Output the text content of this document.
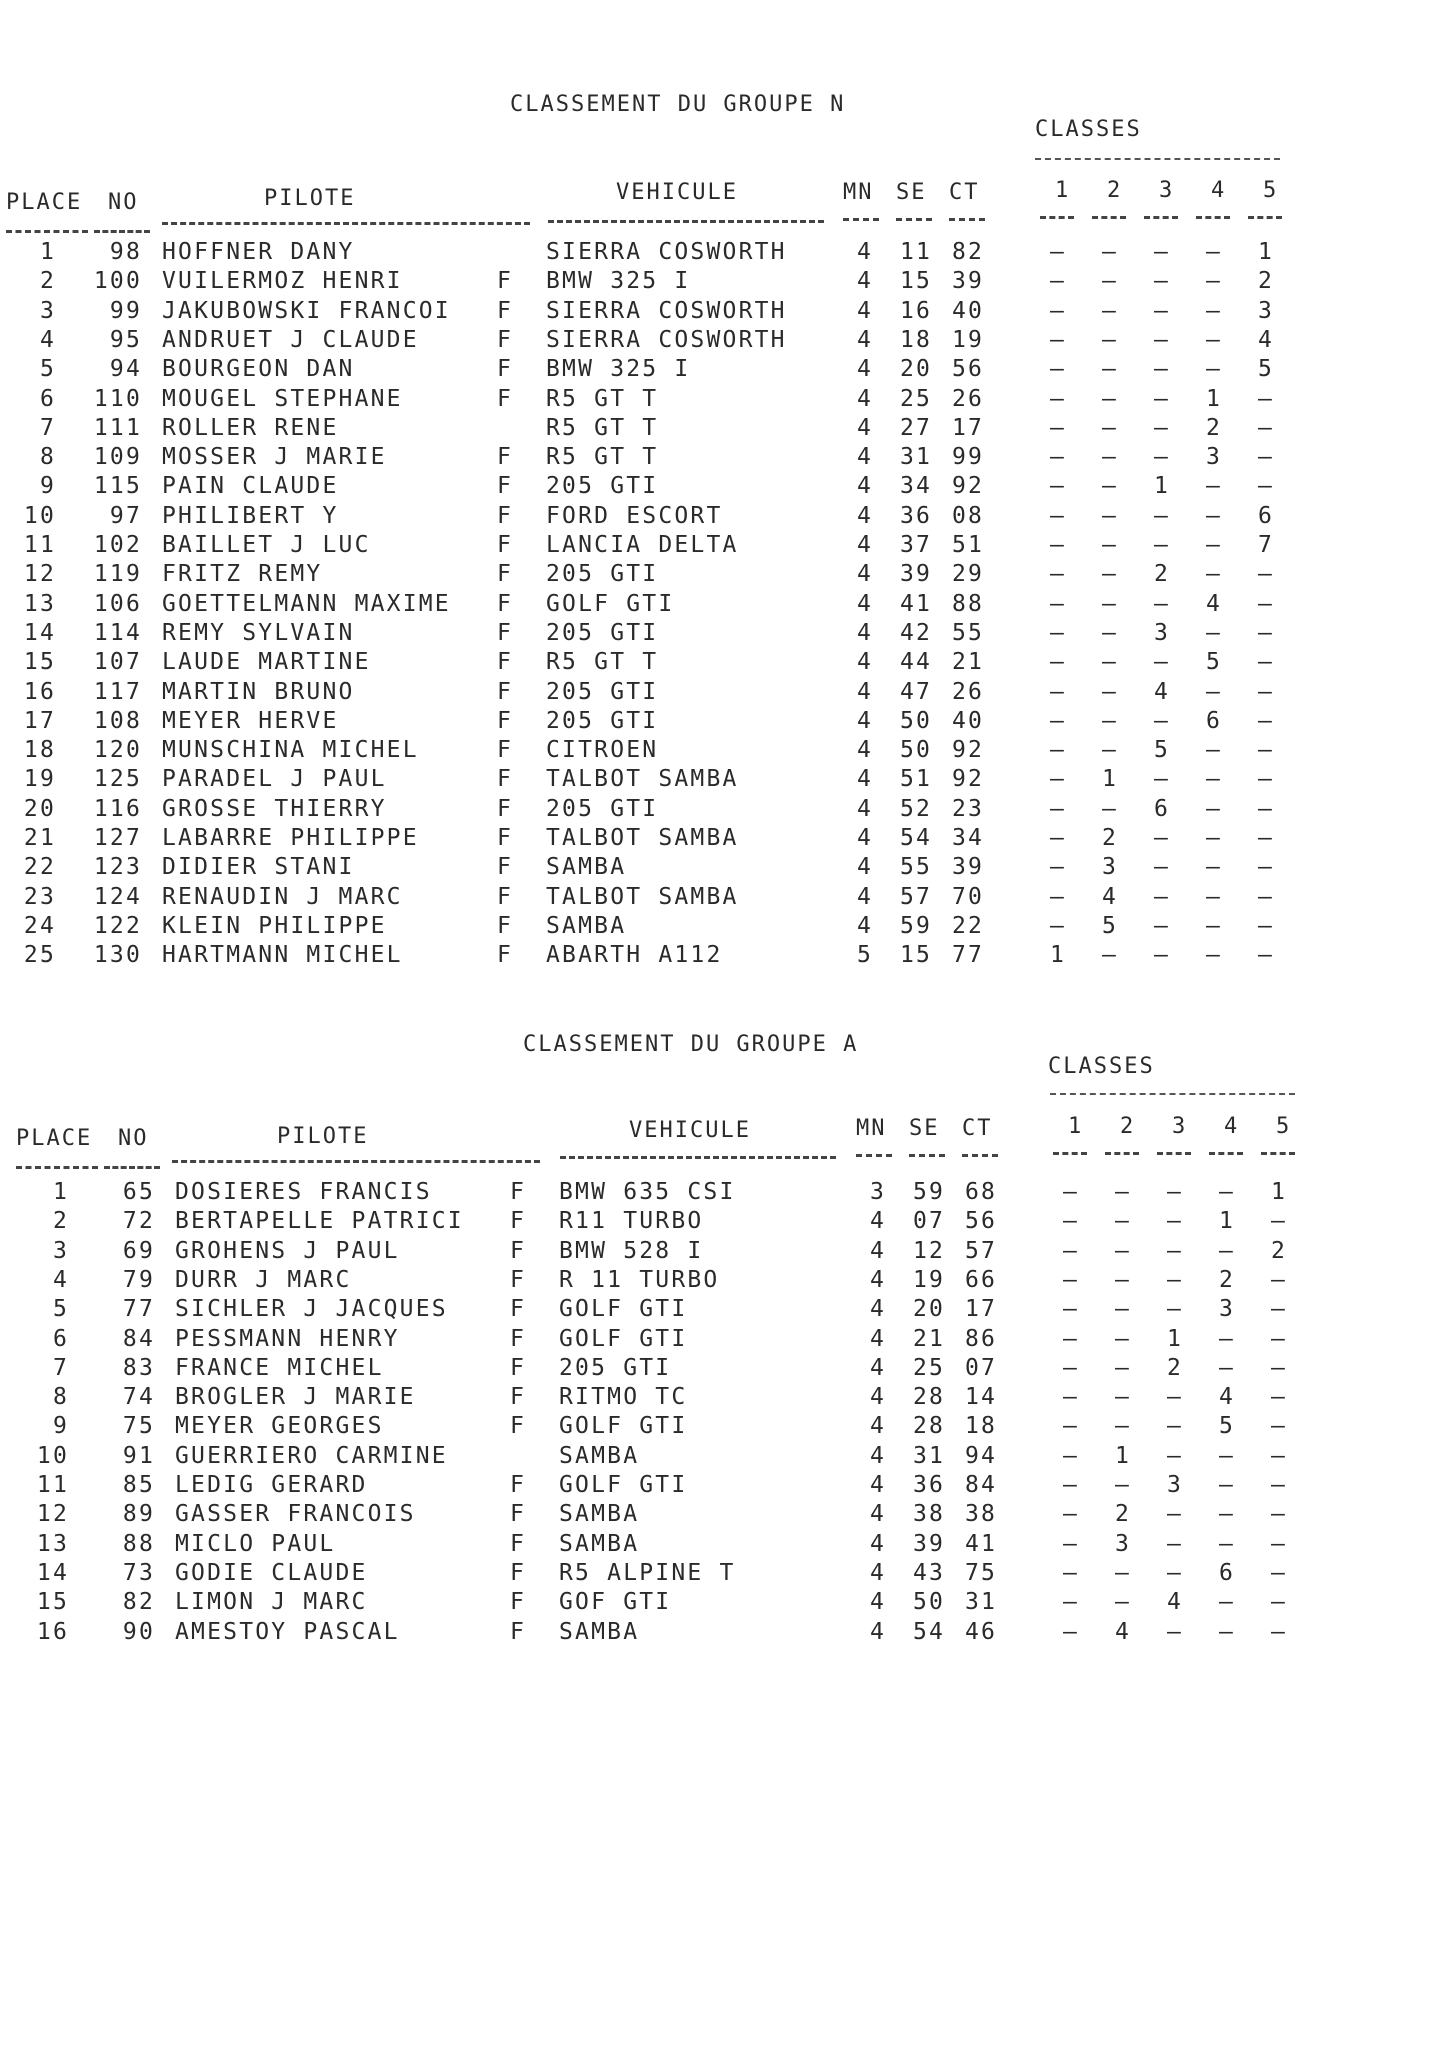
CLASSEMENT DU GROUPE N
CLASSES
PLACE NO	PILOTE	VEHICULE	MN SE CT	1 2 3 4 5
1	98 HOFFNER DANY	SIERRA COSWORTH	4 11 82	— — — — 1
2	100 VUILERMOZ HENRI	F BMW 325 I	4 15 39	— — — — 2
3	99 JAKUBOWSKI FRANCOI	F SIERRA COSWORTH	4 16 40	— — — — 3
4	95 ANDRUET J CLAUDE	F SIERRA COSWORTH	4 18 19	— — — — 4
5	94 BOURGEON DAN	F BMW 325 I	4 20 56	— — — — 5
6	110 MOUGEL STEPHANE	F R5 GT T	4 25 26	— — — 1 —
7	111 ROLLER RENE	R5 GT T	4 27 17	— — — 2 —
8	109 MOSSER J MARIE	F R5 GT T	4 31 99	— — — 3 —
9	115 PAIN CLAUDE	F 205 GTI	4 34 92	— — 1 — —
10	97 PHILIBERT Y	F FORD ESCORT	4 36 08	— — — — 6
11	102 BAILLET J LUC	F LANCIA DELTA	4 37 51	— — — — 7
12	119 FRITZ REMY	F 205 GTI	4 39 29	— — 2 — —
13	106 GOETTELMANN MAXIME	F GOLF GTI	4 41 88	— — — 4 —
14	114 REMY SYLVAIN	F 205 GTI	4 42 55	— — 3 — —
15	107 LAUDE MARTINE	F R5 GT T	4 44 21	— — — 5 —
16	117 MARTIN BRUNO	F 205 GTI	4 47 26	— — 4 — —
17	108 MEYER HERVE	F 205 GTI	4 50 40	— — — 6 —
18	120 MUNSCHINA MICHEL	F CITROEN	4 50 92	— — 5 — —
19	125 PARADEL J PAUL	F TALBOT SAMBA	4 51 92	— 1 — — —
20	116 GROSSE THIERRY	F 205 GTI	4 52 23	— — 6 — —
21	127 LABARRE PHILIPPE	F TALBOT SAMBA	4 54 34	— 2 — — —
22	123 DIDIER STANI	F SAMBA	4 55 39	— 3 — — —
23	124 RENAUDIN J MARC	F TALBOT SAMBA	4 57 70	— 4 — — —
24	122 KLEIN PHILIPPE	F SAMBA	4 59 22	— 5 — — —
25	130 HARTMANN MICHEL	F ABARTH A112	5 15 77	1 — — — —
CLASSEMENT DU GROUPE A
CLASSES
PLACE NO	PILOTE	VEHICULE	MN SE CT	1 2 3 4 5
1	65 DOSIERES FRANCIS	F BMW 635 CSI	3 59 68	— — — — 1
2	72 BERTAPELLE PATRICI	F R11 TURBO	4 07 56	— — — 1 —
3	69 GROHENS J PAUL	F BMW 528 I	4 12 57	— — — — 2
4	79 DURR J MARC	F R 11 TURBO	4 19 66	— — — 2 —
5	77 SICHLER J JACQUES	F GOLF GTI	4 20 17	— — — 3 —
6	84 PESSMANN HENRY	F GOLF GTI	4 21 86	— — 1 — —
7	83 FRANCE MICHEL	F 205 GTI	4 25 07	— — 2 — —
8	74 BROGLER J MARIE	F RITMO TC	4 28 14	— — — 4 —
9	75 MEYER GEORGES	F GOLF GTI	4 28 18	— — — 5 —
10	91 GUERRIERO CARMINE	SAMBA	4 31 94	— 1 — — —
11	85 LEDIG GERARD	F GOLF GTI	4 36 84	— — 3 — —
12	89 GASSER FRANCOIS	F SAMBA	4 38 38	— 2 — — —
13	88 MICLO PAUL	F SAMBA	4 39 41	— 3 — — —
14	73 GODIE CLAUDE	F R5 ALPINE T	4 43 75	— — — 6 —
15	82 LIMON J MARC	F GOF GTI	4 50 31	— — 4 — —
16	90 AMESTOY PASCAL	F SAMBA	4 54 46	— 4 — — —
